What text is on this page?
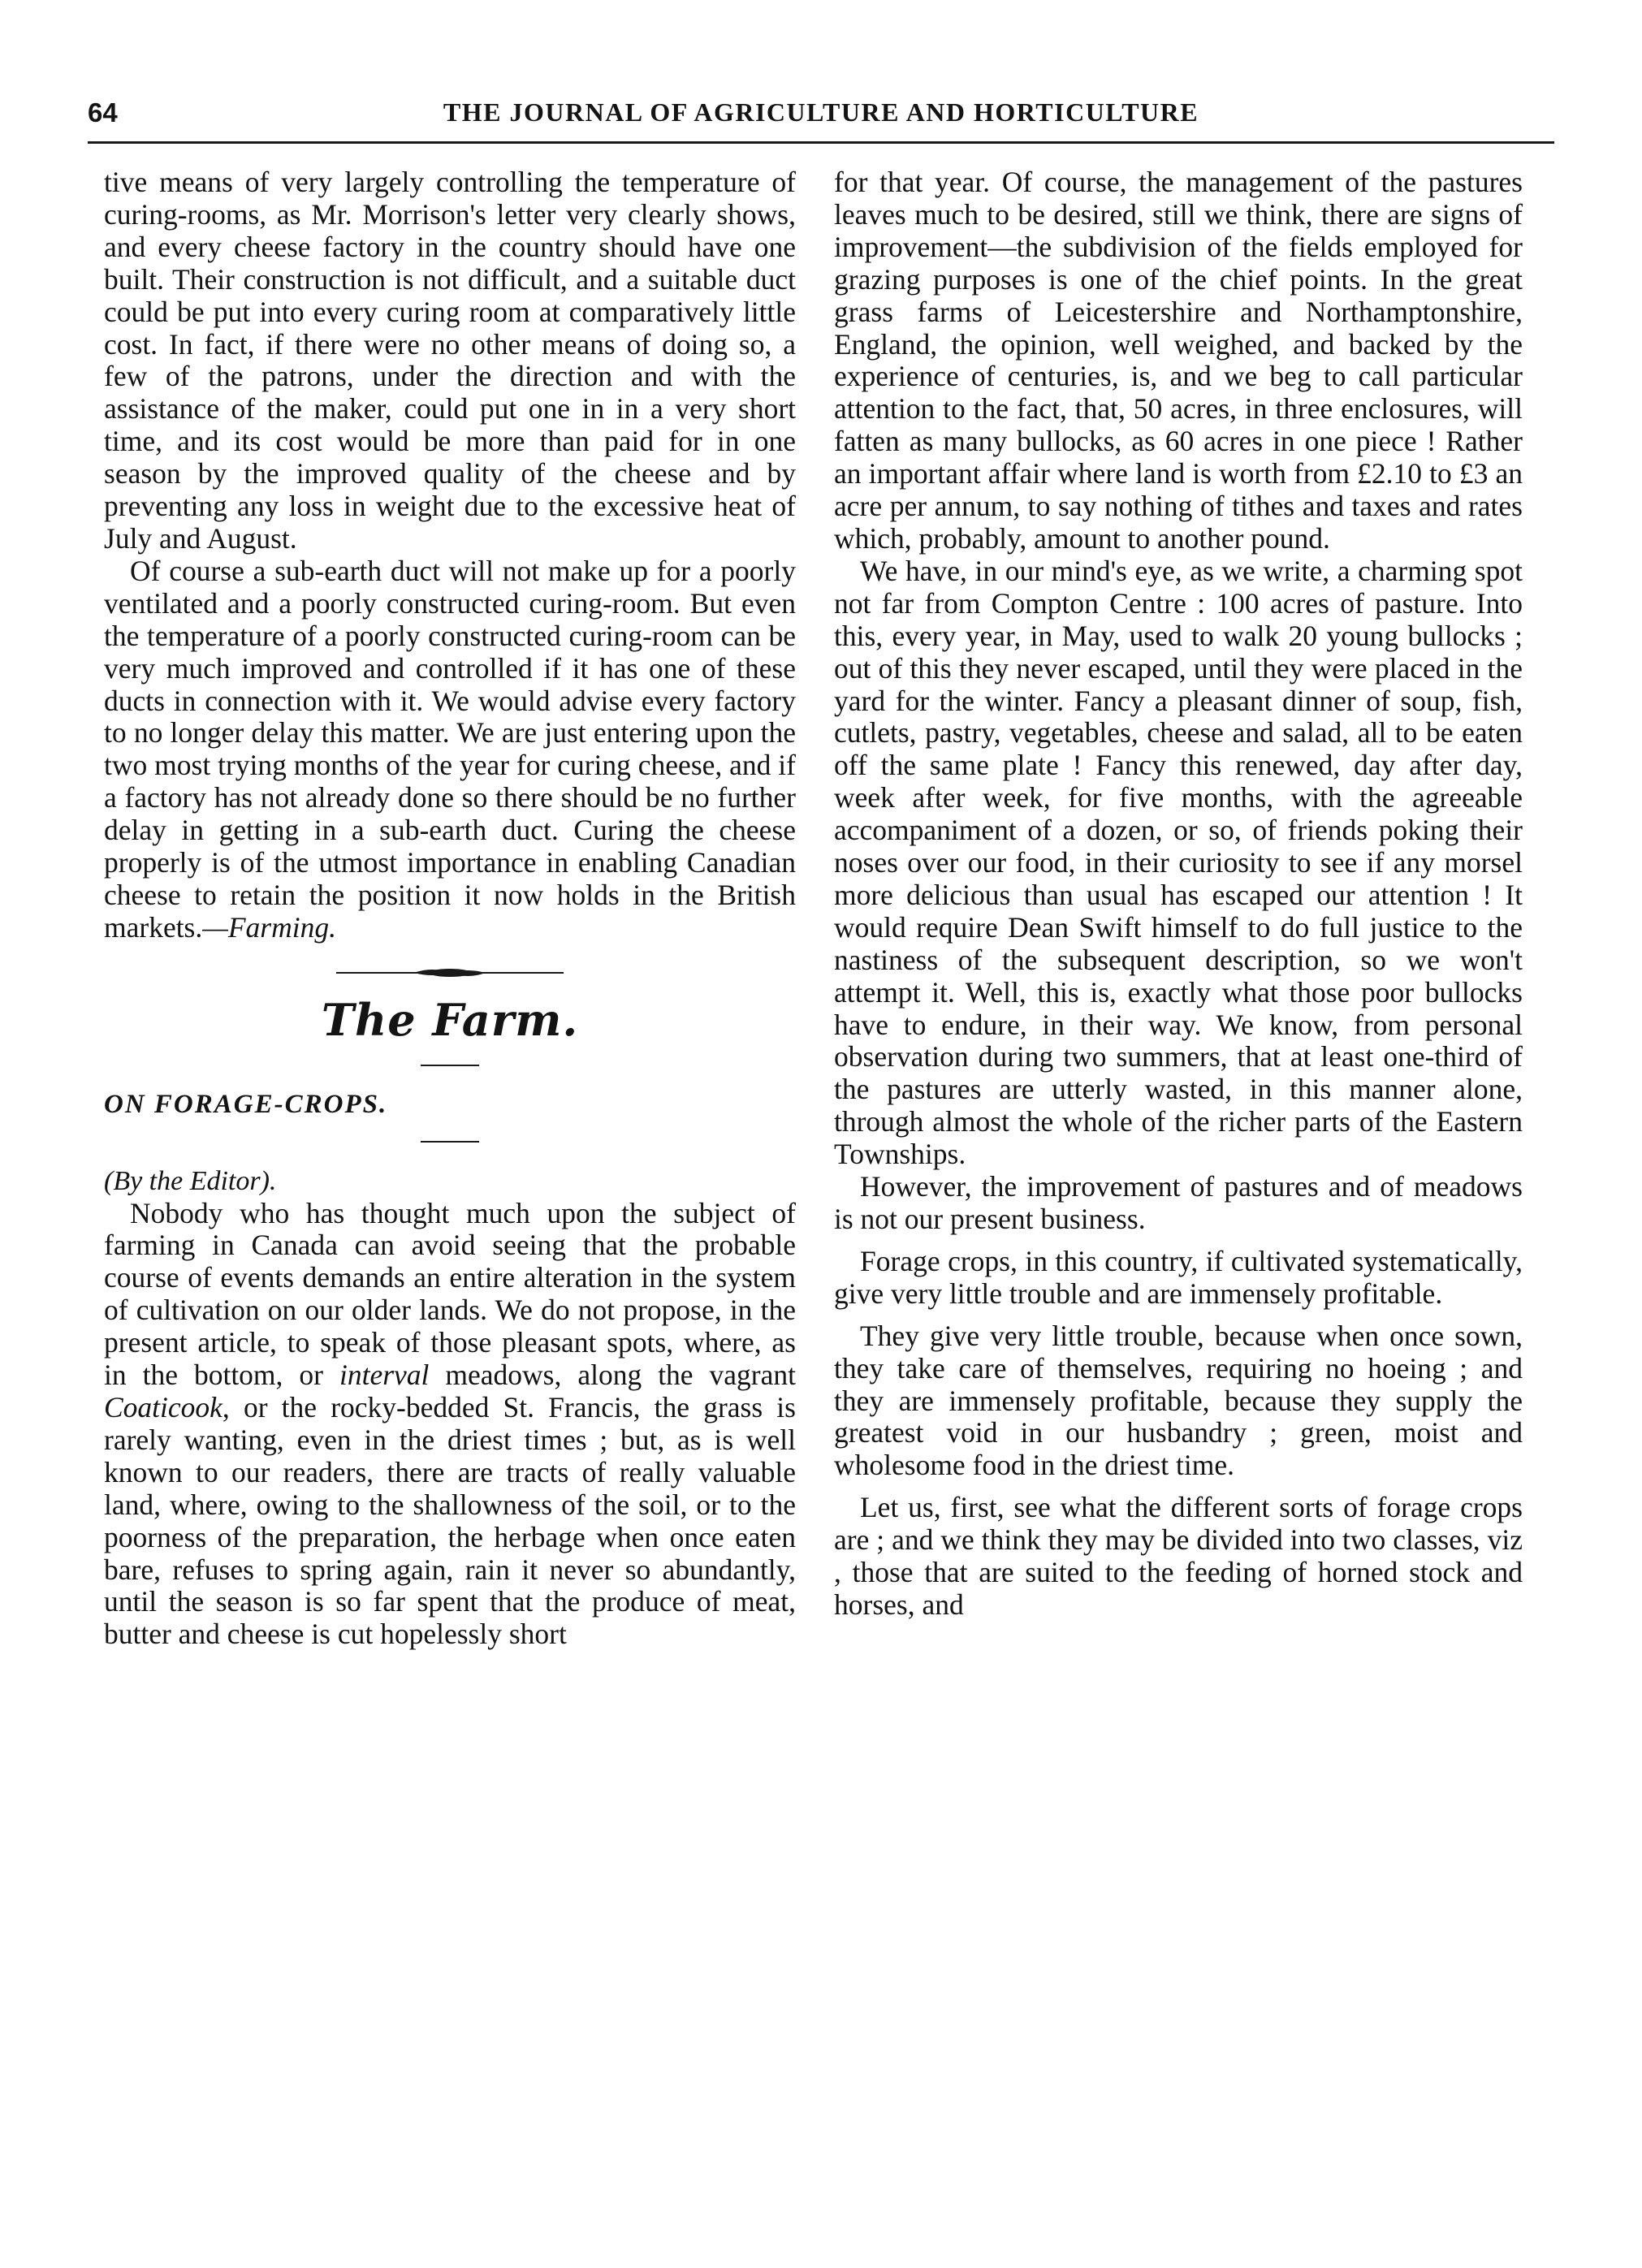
64	THE JOURNAL OF AGRICULTURE AND HORTICULTURE

tive means of very largely controlling the temperature of curing-rooms, as Mr. Morrison's letter very clearly shows, and every cheese factory in the country should have one built. Their construction is not difficult, and a suitable duct could be put into every curing room at comparatively little cost. In fact, if there were no other means of doing so, a few of the patrons, under the direction and with the assistance of the maker, could put one in in a very short time, and its cost would be more than paid for in one season by the improved quality of the cheese and by preventing any loss in weight due to the excessive heat of July and August.

Of course a sub-earth duct will not make up for a poorly ventilated and a poorly constructed curing-room. But even the temperature of a poorly constructed curing-room can be very much improved and controlled if it has one of these ducts in connection with it. We would advise every factory to no longer delay this matter. We are just entering upon the two most trying months of the year for curing cheese, and if a factory has not already done so there should be no further delay in getting in a sub-earth duct. Curing the cheese properly is of the utmost importance in enabling Canadian cheese to retain the position it now holds in the British markets.—Farming.

The Farm.

ON FORAGE-CROPS.

(By the Editor).

Nobody who has thought much upon the subject of farming in Canada can avoid seeing that the probable course of events demands an entire alteration in the system of cultivation on our older lands. We do not propose, in the present article, to speak of those pleasant spots, where, as in the bottom, or interval meadows, along the vagrant Coaticook, or the rocky-bedded St. Francis, the grass is rarely wanting, even in the driest times ; but, as is well known to our readers, there are tracts of really valuable land, where, owing to the shallowness of the soil, or to the poorness of the preparation, the herbage when once eaten bare, refuses to spring again, rain it never so abundantly, until the season is so far spent that the produce of meat, butter and cheese is cut hopelessly short

for that year. Of course, the management of the pastures leaves much to be desired, still we think, there are signs of improvement—the subdivision of the fields employed for grazing purposes is one of the chief points. In the great grass farms of Leicestershire and Northamptonshire, England, the opinion, well weighed, and backed by the experience of centuries, is, and we beg to call particular attention to the fact, that, 50 acres, in three enclosures, will fatten as many bullocks, as 60 acres in one piece ! Rather an important affair where land is worth from £2.10 to £3 an acre per annum, to say nothing of tithes and taxes and rates which, probably, amount to another pound.

We have, in our mind's eye, as we write, a charming spot not far from Compton Centre : 100 acres of pasture. Into this, every year, in May, used to walk 20 young bullocks ; out of this they never escaped, until they were placed in the yard for the winter. Fancy a pleasant dinner of soup, fish, cutlets, pastry, vegetables, cheese and salad, all to be eaten off the same plate ! Fancy this renewed, day after day, week after week, for five months, with the agreeable accompaniment of a dozen, or so, of friends poking their noses over our food, in their curiosity to see if any morsel more delicious than usual has escaped our attention ! It would require Dean Swift himself to do full justice to the nastiness of the subsequent description, so we won't attempt it. Well, this is, exactly what those poor bullocks have to endure, in their way. We know, from personal observation during two summers, that at least one-third of the pastures are utterly wasted, in this manner alone, through almost the whole of the richer parts of the Eastern Townships.

However, the improvement of pastures and of meadows is not our present business.

Forage crops, in this country, if cultivated systematically, give very little trouble and are immensely profitable.

They give very little trouble, because when once sown, they take care of themselves, requiring no hoeing ; and they are immensely profitable, because they supply the greatest void in our husbandry ; green, moist and wholesome food in the driest time.

Let us, first, see what the different sorts of forage crops are ; and we think they may be divided into two classes, viz , those that are suited to the feeding of horned stock and horses, and
